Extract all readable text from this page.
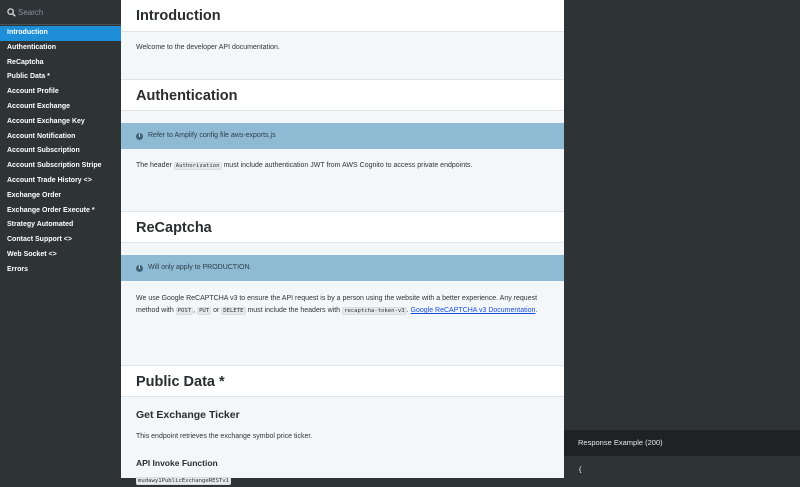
Search
Introduction
Authentication
ReCaptcha
Public Data *
Account Profile
Account Exchange
Account Exchange Key
Account Notification
Account Subscription
Account Subscription Stripe
Account Trade History <>
Exchange Order
Exchange Order Execute *
Strategy Automated
Contact Support <>
Web Socket <>
Errors
Introduction

Welcome to the developer API documentation.

Authentication
i	Refer to Amplify config file aws-exports.js

The header Authorization must include authentication JWT from AWS Cognito to access private endpoints.

ReCaptcha
i	Will only apply to PRODUCTION.

We use Google ReCAPTCHA v3 to ensure the API request is by a person using the website with a better experience. Any request method with POST , PUT or DELETE must include the headers with recaptcha-token-v3 . Google ReCAPTCHA v3 Documentation.

Public Data *
Get Exchange Ticker

This endpoint retrieves the exchange symbol price ticker.

API Invoke Function

mudawy1PublicExchangeRESTv1

Response Example (200)
{
